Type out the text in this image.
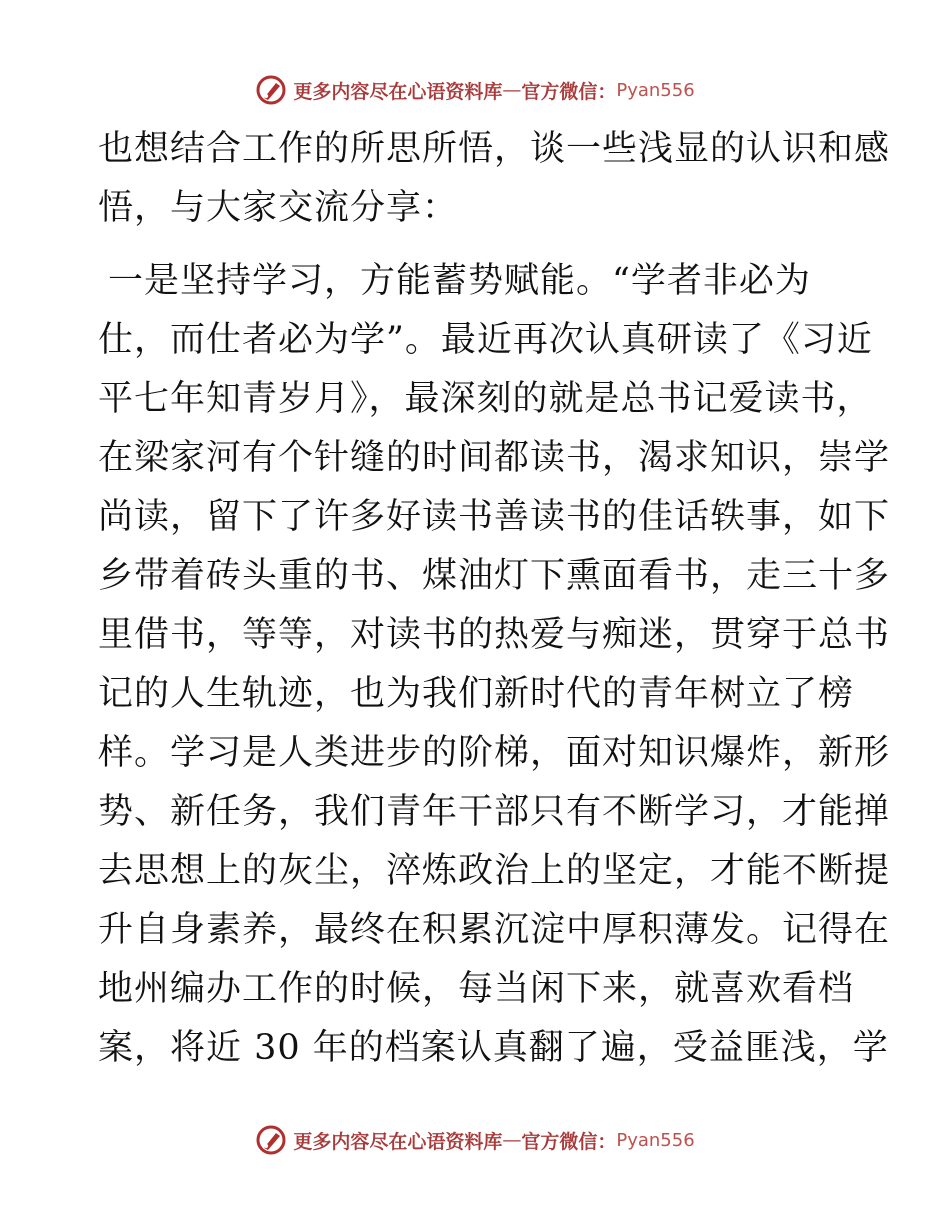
更多内容尽在心语资料库 — 官方微信： Pyan556
也想结合工作的所思所悟，谈一些浅显的认识和感
悟，与大家交流分享：
一是坚持学习，方能蓄势赋能。“学者非必为
仕，而仕者必为学”。最近再次认真研读了《习近
平七年知青岁月》，最深刻的就是总书记爱读书，
在梁家河有个针缝的时间都读书，渴求知识，崇学
尚读，留下了许多好读书善读书的佳话轶事，如下
乡带着砖头重的书、煤油灯下熏面看书，走三十多
里借书，等等，对读书的热爱与痴迷，贯穿于总书
记的人生轨迹，也为我们新时代的青年树立了榜
样。学习是人类进步的阶梯，面对知识爆炸，新形
势、新任务，我们青年干部只有不断学习，才能掸
去思想上的灰尘，淬炼政治上的坚定，才能不断提
升自身素养，最终在积累沉淀中厚积薄发。记得在
地州编办工作的时候，每当闲下来，就喜欢看档
案，将近 30 年的档案认真翻了遍，受益匪浅，学
更多内容尽在心语资料库 — 官方微信： Pyan556
